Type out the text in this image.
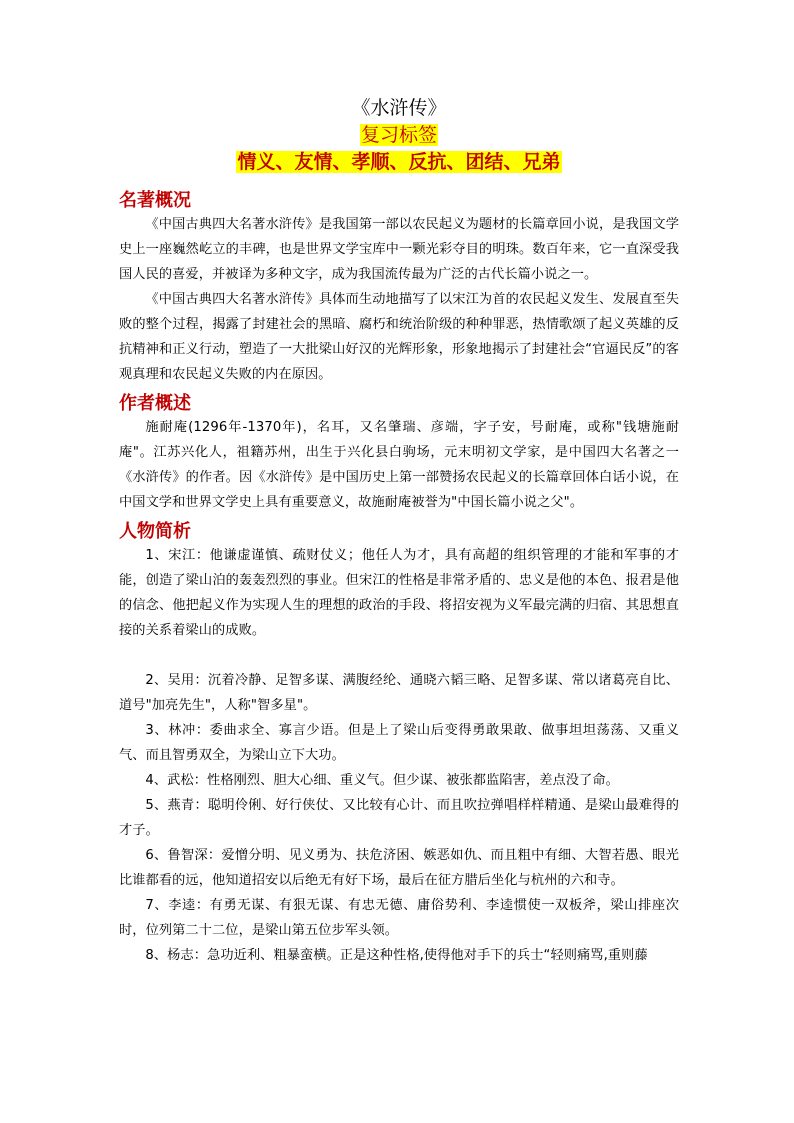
《水浒传》
复习标签
情义、友情、孝顺、反抗、团结、兄弟
名著概况

《中国古典四大名著水浒传》是我国第一部以农民起义为题材的长篇章回小说，是我国文学史上一座巍然屹立的丰碑，也是世界文学宝库中一颗光彩夺目的明珠。数百年来，它一直深受我国人民的喜爱，并被译为多种文字，成为我国流传最为广泛的古代长篇小说之一。

《中国古典四大名著水浒传》具体而生动地描写了以宋江为首的农民起义发生、发展直至失败的整个过程，揭露了封建社会的黑暗、腐朽和统治阶级的种种罪恶，热情歌颂了起义英雄的反抗精神和正义行动，塑造了一大批梁山好汉的光辉形象，形象地揭示了封建社会“官逼民反”的客观真理和农民起义失败的内在原因。

作者概述

施耐庵(1296年-1370年)，名耳，又名肇瑞、彦端，字子安，号耐庵，或称"钱塘施耐庵"。江苏兴化人，祖籍苏州，出生于兴化县白驹场，元末明初文学家，是中国四大名著之一《水浒传》的作者。因《水浒传》是中国历史上第一部赞扬农民起义的长篇章回体白话小说，在中国文学和世界文学史上具有重要意义，故施耐庵被誉为"中国长篇小说之父"。

人物简析

1、宋江：他谦虚谨慎、疏财仗义；他任人为才，具有高超的组织管理的才能和军事的才能，创造了梁山泊的轰轰烈烈的事业。但宋江的性格是非常矛盾的、忠义是他的本色、报君是他的信念、他把起义作为实现人生的理想的政治的手段、将招安视为义军最完满的归宿、其思想直接的关系着梁山的成败。

2、吴用：沉着冷静、足智多谋、满腹经纶、通晓六韬三略、足智多谋、常以诸葛亮自比、道号"加亮先生"，人称"智多星"。

3、林冲：委曲求全、寡言少语。但是上了梁山后变得勇敢果敢、做事坦坦荡荡、又重义气、而且智勇双全，为梁山立下大功。

4、武松：性格刚烈、胆大心细、重义气。但少谋、被张都监陷害，差点没了命。

5、燕青：聪明伶俐、好行侠仗、又比较有心计、而且吹拉弹唱样样精通、是梁山最难得的才子。

6、鲁智深：爱憎分明、见义勇为、扶危济困、嫉恶如仇、而且粗中有细、大智若愚、眼光比谁都看的远，他知道招安以后绝无有好下场，最后在征方腊后坐化与杭州的六和寺。

7、李逵：有勇无谋、有狠无谋、有忠无德、庸俗势利、李逵惯使一双板斧，梁山排座次时，位列第二十二位，是梁山第五位步军头领。

8、杨志：急功近利、粗暴蛮横。正是这种性格,使得他对手下的兵士“轻则痛骂,重则藤
